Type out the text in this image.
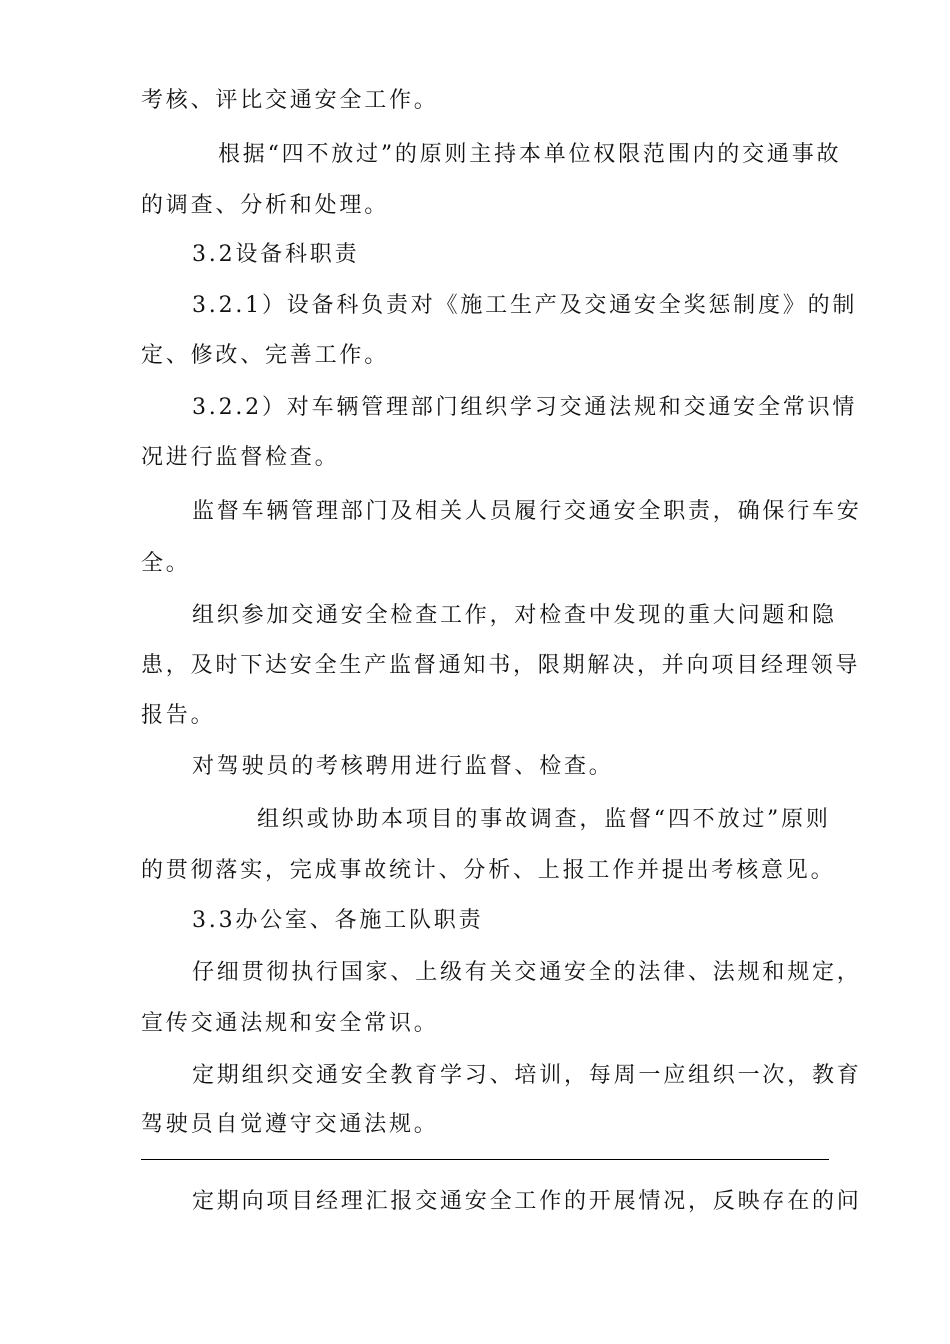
考核、评比交通安全工作。
根据“四不放过”的原则主持本单位权限范围内的交通事故
的调查、分析和处理。
3.2设备科职责
3.2.1）设备科负责对《施工生产及交通安全奖惩制度》的制
定、修改、完善工作。
3.2.2）对车辆管理部门组织学习交通法规和交通安全常识情
况进行监督检查。
监督车辆管理部门及相关人员履行交通安全职责，确保行车安
全。
组织参加交通安全检查工作，对检查中发现的重大问题和隐
患，及时下达安全生产监督通知书，限期解决，并向项目经理领导
报告。
对驾驶员的考核聘用进行监督、检查。
组织或协助本项目的事故调查，监督“四不放过”原则
的贯彻落实，完成事故统计、分析、上报工作并提出考核意见。
3.3办公室、各施工队职责
仔细贯彻执行国家、上级有关交通安全的法律、法规和规定，
宣传交通法规和安全常识。
定期组织交通安全教育学习、培训，每周一应组织一次，教育
驾驶员自觉遵守交通法规。
定期向项目经理汇报交通安全工作的开展情况，反映存在的问
